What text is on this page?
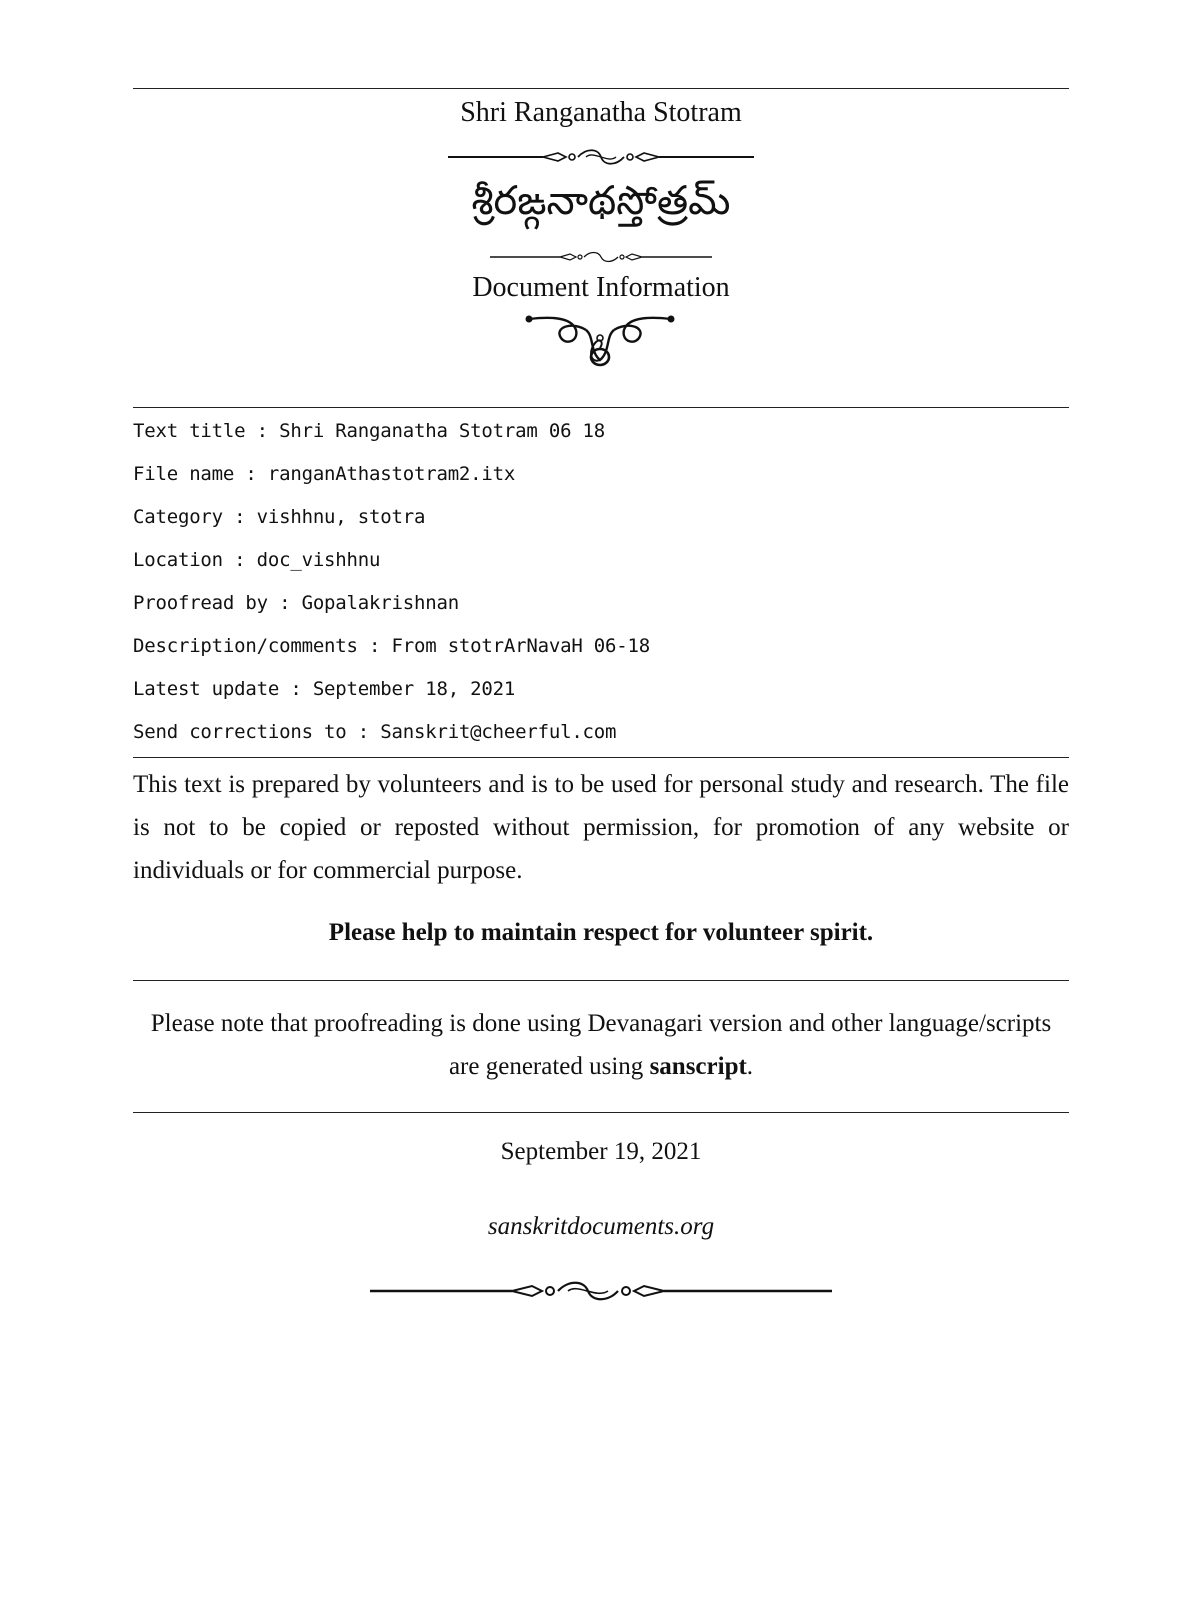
Shri Ranganatha Stotram
శ్రీరఙ్గనాథస్తోత్రమ్
Document Information
Text title : Shri Ranganatha Stotram 06 18
File name : ranganAthastotram2.itx
Category : vishhnu, stotra
Location : doc_vishhnu
Proofread by : Gopalakrishnan
Description/comments : From stotrArNavaH 06-18
Latest update : September 18, 2021
Send corrections to : Sanskrit@cheerful.com
This text is prepared by volunteers and is to be used for personal study and research. The file is not to be copied or reposted without permission, for promotion of any website or individuals or for commercial purpose.
Please help to maintain respect for volunteer spirit.
Please note that proofreading is done using Devanagari version and other language/scripts are generated using sanscript.
September 19, 2021
sanskritdocuments.org
